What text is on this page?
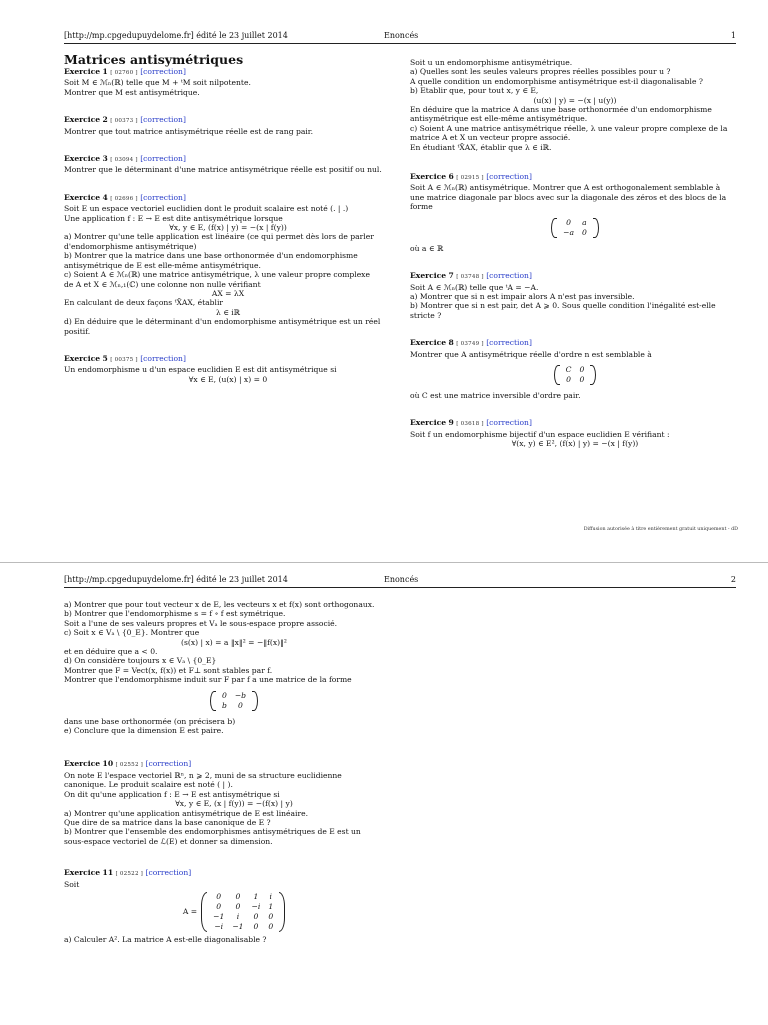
[http://mp.cpgedupuydelome.fr] édité le 23 juillet 2014	Enoncés	1

Matrices antisymétriques

Exercice 1 [ 02760 ] [correction]

Soit M ∈ ℳₙ(ℝ) telle que M + ᵗM soit nilpotente.

Montrer que M est antisymétrique.

Exercice 2 [ 00373 ] [correction]

Montrer que tout matrice antisymétrique réelle est de rang pair.

Exercice 3 [ 03094 ] [correction]

Montrer que le déterminant d'une matrice antisymétrique réelle est positif ou nul.

Exercice 4 [ 02696 ] [correction]

Soit E un espace vectoriel euclidien dont le produit scalaire est noté (. | .)

Une application f : E → E est dite antisymétrique lorsque

∀x, y ∈ E, (f(x) | y) = −(x | f(y))

a) Montrer qu'une telle application est linéaire (ce qui permet dès lors de parler

d'endomorphisme antisymétrique)

b) Montrer que la matrice dans une base orthonormée d'un endomorphisme

antisymétrique de E est elle-même antisymétrique.

c) Soient A ∈ ℳₙ(ℝ) une matrice antisymétrique, λ une valeur propre complexe

de A et X ∈ ℳₙ,₁(ℂ) une colonne non nulle vérifiant

AX = λX

En calculant de deux façons ᵗX̄AX, établir

λ ∈ iℝ

d) En déduire que le déterminant d'un endomorphisme antisymétrique est un réel

positif.

Exercice 5 [ 00375 ] [correction]

Un endomorphisme u d'un espace euclidien E est dit antisymétrique si

∀x ∈ E, (u(x) | x) = 0

Soit u un endomorphisme antisymétrique.

a) Quelles sont les seules valeurs propres réelles possibles pour u ?

A quelle condition un endomorphisme antisymétrique est-il diagonalisable ?

b) Etablir que, pour tout x, y ∈ E,

(u(x) | y) = −(x | u(y))

En déduire que la matrice A dans une base orthonormée d'un endomorphisme

antisymétrique est elle-même antisymétrique.

c) Soient A une matrice antisymétrique réelle, λ une valeur propre complexe de la

matrice A et X un vecteur propre associé.

En étudiant ᵗX̄AX, établir que λ ∈ iℝ.

Exercice 6 [ 02915 ] [correction]

Soit A ∈ ℳₙ(ℝ) antisymétrique. Montrer que A est orthogonalement semblable à

une matrice diagonale par blocs avec sur la diagonale des zéros et des blocs de la

forme

0	a
−a	0

où a ∈ ℝ

Exercice 7 [ 03748 ] [correction]

Soit A ∈ ℳₙ(ℝ) telle que ᵗA = −A.

a) Montrer que si n est impair alors A n'est pas inversible.

b) Montrer que si n est pair, det A ⩾ 0. Sous quelle condition l'inégalité est-elle

stricte ?

Exercice 8 [ 03749 ] [correction]

Montrer que A antisymétrique réelle d'ordre n est semblable à

C	0
0	0

où C est une matrice inversible d'ordre pair.

Exercice 9 [ 03618 ] [correction]

Soit f un endomorphisme bijectif d'un espace euclidien E vérifiant :

∀(x, y) ∈ E², (f(x) | y) = −(x | f(y))

Diffusion autorisée à titre entièrement gratuit uniquement - dD
[http://mp.cpgedupuydelome.fr] édité le 23 juillet 2014	Enoncés	2

a) Montrer que pour tout vecteur x de E, les vecteurs x et f(x) sont orthogonaux.

b) Montrer que l'endomorphisme s = f ∘ f est symétrique.

Soit a l'une de ses valeurs propres et Vₐ le sous-espace propre associé.

c) Soit x ∈ Vₐ \ {0_E}. Montrer que

(s(x) | x) = a ‖x‖² = −‖f(x)‖²

et en déduire que a < 0.

d) On considère toujours x ∈ Vₐ \ {0_E}

Montrer que F = Vect(x, f(x)) et F⊥ sont stables par f.

Montrer que l'endomorphisme induit sur F par f a une matrice de la forme

0	−b
b	0

dans une base orthonormée (on précisera b)

e) Conclure que la dimension E est paire.

Exercice 10 [ 02552 ] [correction]

On note E l'espace vectoriel ℝⁿ, n ⩾ 2, muni de sa structure euclidienne

canonique. Le produit scalaire est noté ( | ).

On dit qu'une application f : E → E est antisymétrique si

∀x, y ∈ E, (x | f(y)) = −(f(x) | y)

a) Montrer qu'une application antisymétrique de E est linéaire.

Que dire de sa matrice dans la base canonique de E ?

b) Montrer que l'ensemble des endomorphismes antisymétriques de E est un

sous-espace vectoriel de ℒ(E) et donner sa dimension.

Exercice 11 [ 02522 ] [correction]

Soit

A =
0	0	1	i
0	0	−i	1
−1	i	0	0
−i	−1	0	0

a) Calculer A². La matrice A est-elle diagonalisable ?
